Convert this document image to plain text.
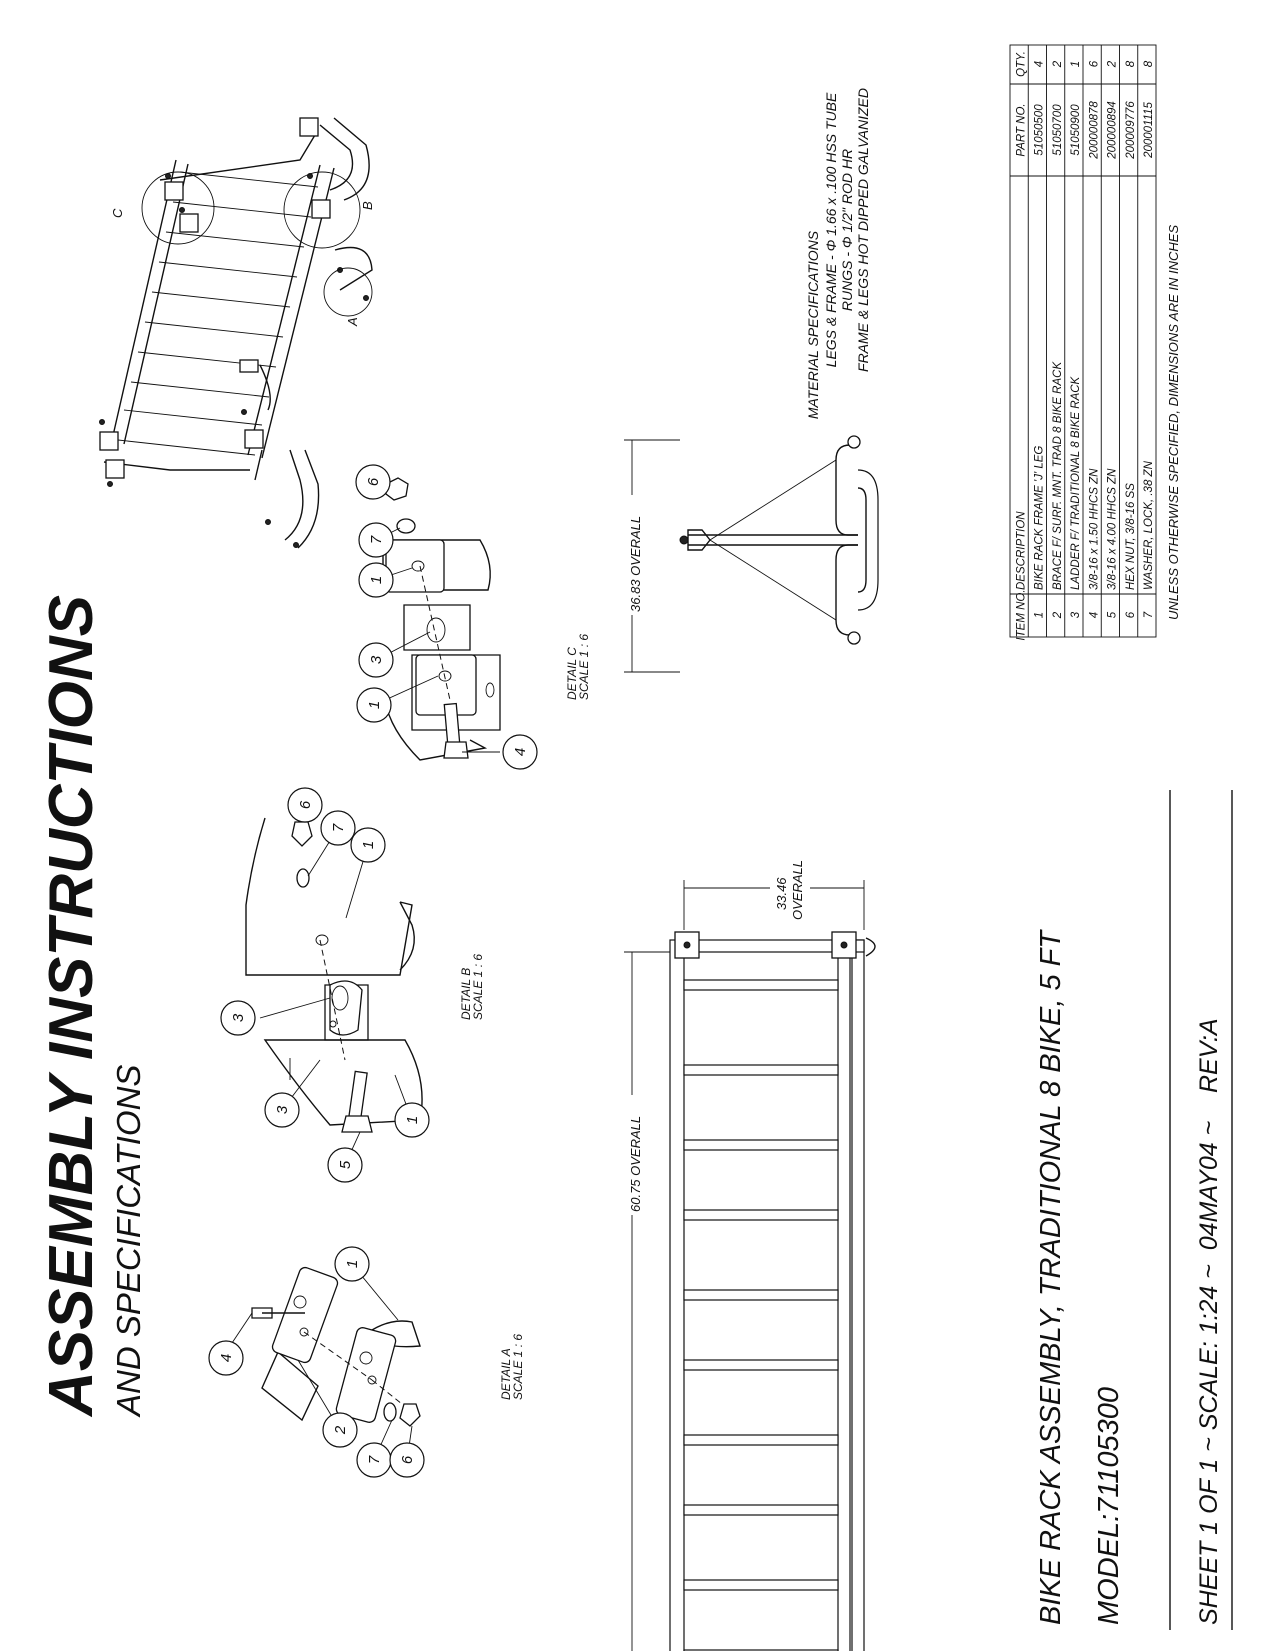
ASSEMBLY INSTRUCTIONS AND SPECIFICATIONS
C
B
A
60.75 OVERALL
33.46 OVERALL
36.83 OVERALL
DETAIL A
SCALE 1 : 6
DETAIL B
SCALE 1 : 6
DETAIL C
SCALE 1 : 6
4
1
2
7 6
6
7
1
3
3
1
5
6
7
1
3
1
4
MATERIAL SPECIFICATIONS LEGS & FRAME - Φ 1.66 x .100 HSS TUBE RUNGS - Φ 1/2" ROD HR FRAME & LEGS HOT DIPPED GALVANIZED
ITEM NO.
DESCRIPTION
PART NO.
QTY.
1
BIKE RACK FRAME 'J' LEG
51050500
4
2
BRACE F/ SURF. MNT. TRAD 8 BIKE RACK
51050700
2
3
LADDER F/ TRADITIONAL 8 BIKE RACK
51050900
1
4
3/8-16 x 1.50 HHCS ZN
200000878
6
5
3/8-16 x 4.00 HHCS ZN
200000894
2
6
HEX NUT, 3/8-16 SS
200009776
8
7
WASHER, LOCK, .38 ZN
200001115
8
UNLESS OTHERWISE SPECIFIED, DIMENSIONS ARE IN INCHES
BIKE RACK ASSEMBLY, TRADITIONAL 8 BIKE, 5 FT MODEL:71105300	SHEET 1 OF 1 ~ SCALE: 1:24 ~  04MAY04 ~    REV:A
